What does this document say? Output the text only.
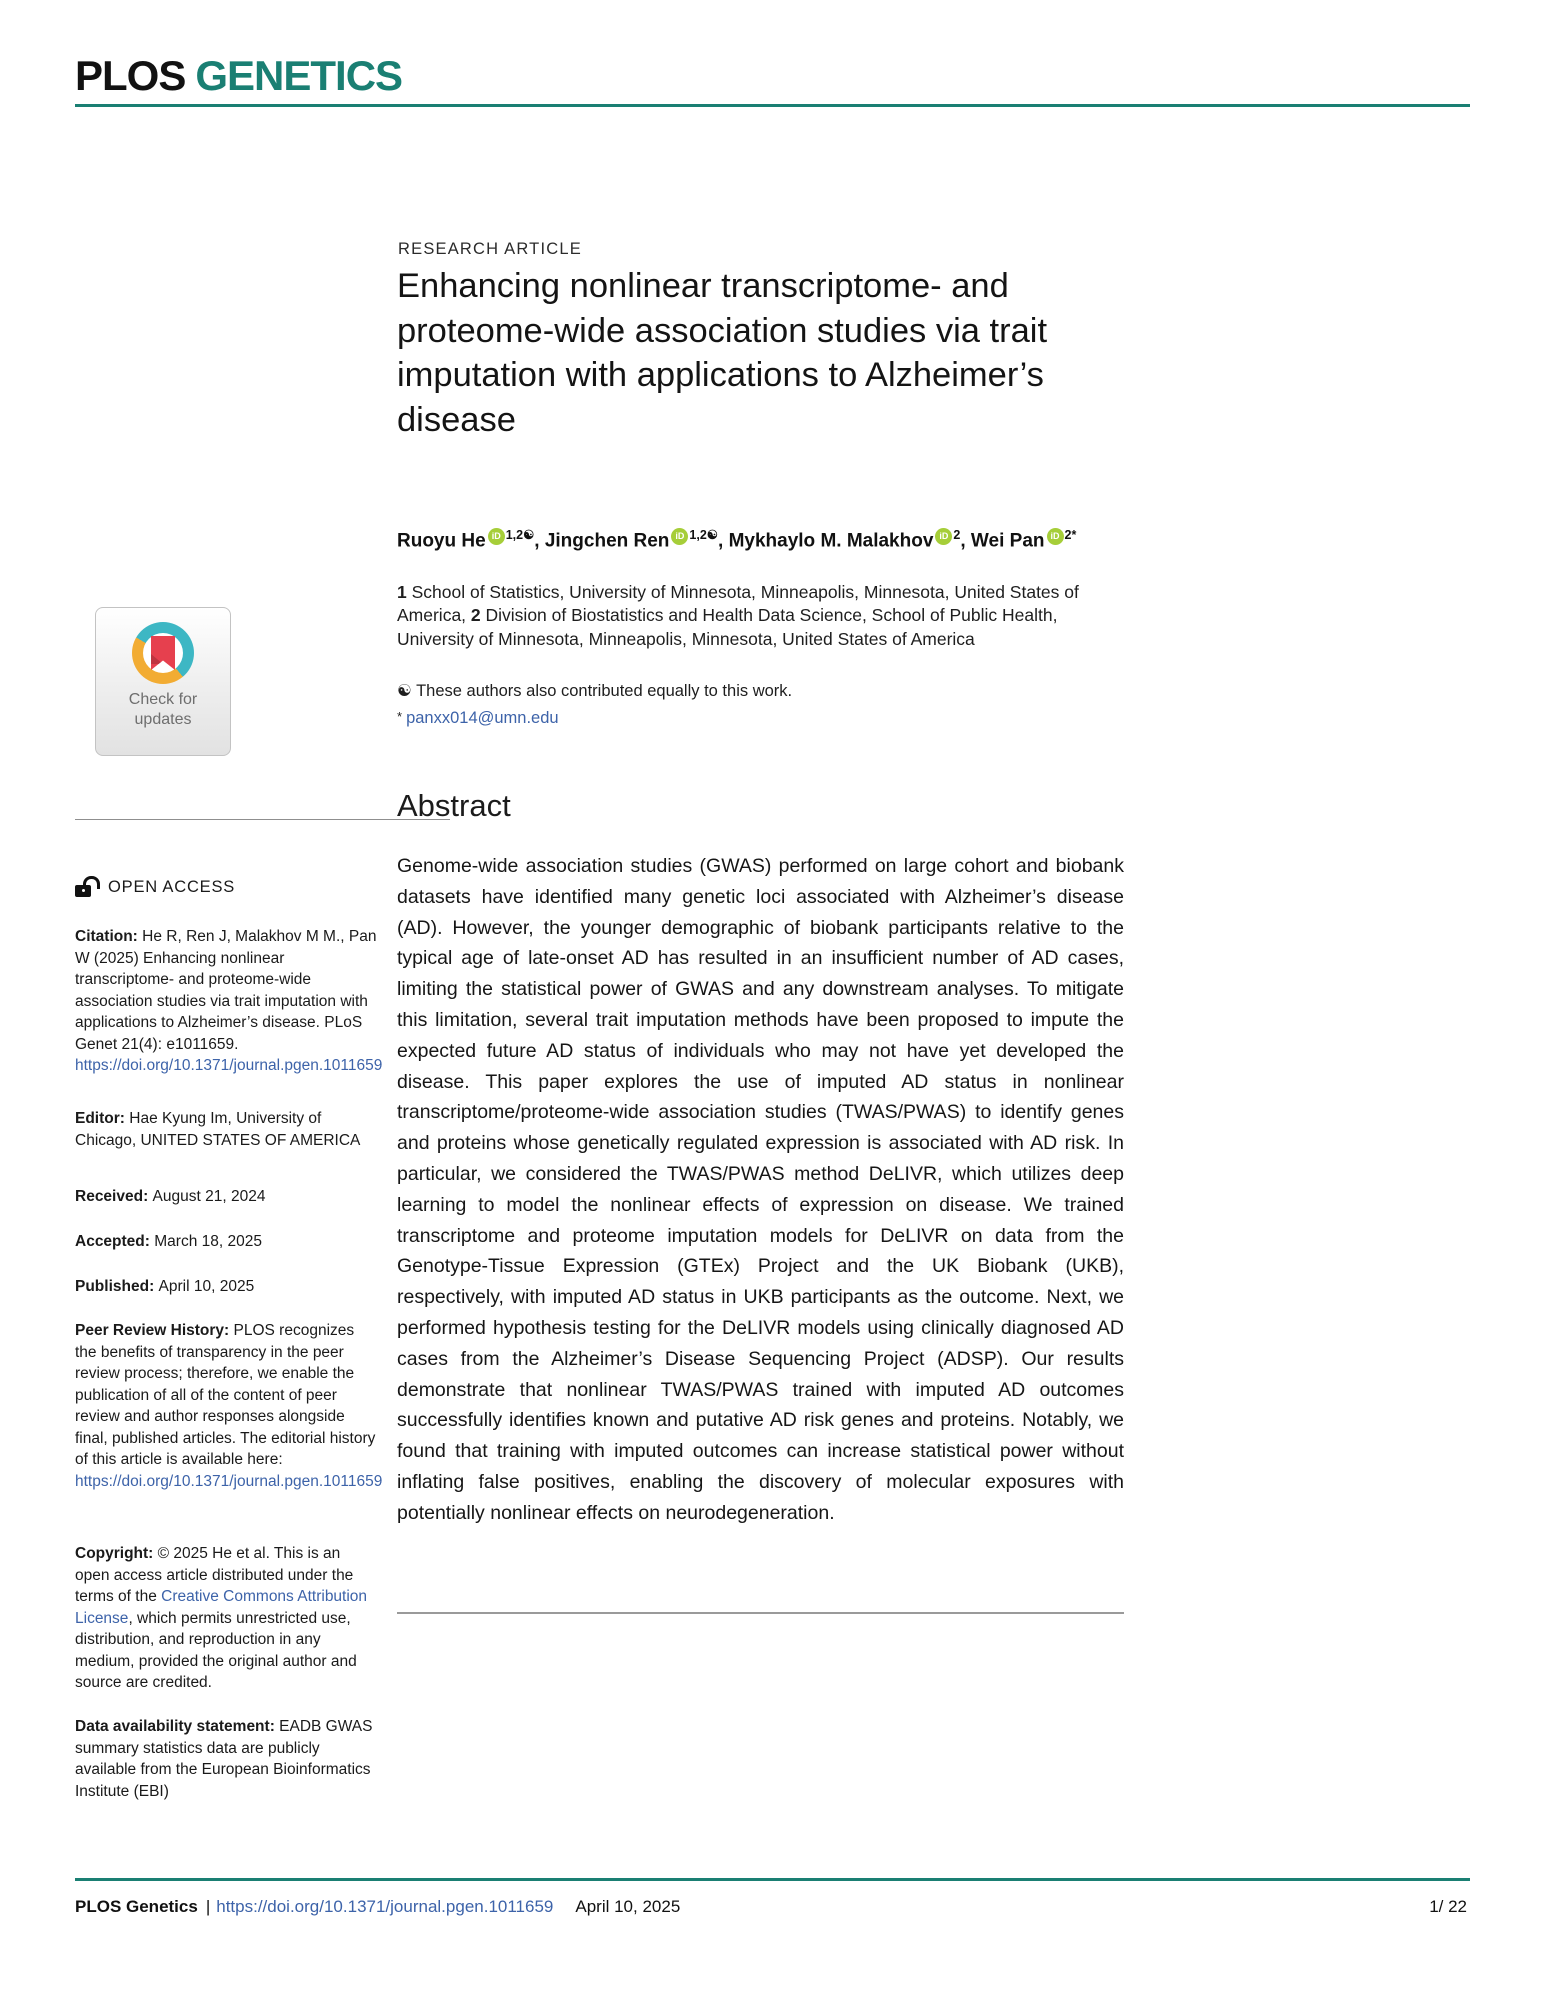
PLOS GENETICS
Check for
updates
RESEARCH ARTICLE
Enhancing nonlinear transcriptome- and proteome-wide association studies via trait imputation with applications to Alzheimer’s disease
Ruoyu He iD $^{1,2☯}$, Jingchen Ren iD $^{1,2☯}$, Mykhaylo M. Malakhov iD $^2$, Wei Pan iD $^{2*}$
1 School of Statistics, University of Minnesota, Minneapolis, Minnesota, United States of America, 2 Division of Biostatistics and Health Data Science, School of Public Health, University of Minnesota, Minneapolis, Minnesota, United States of America
☯ These authors also contributed equally to this work.
* panxx014@umn.edu
Abstract

Genome-wide association studies (GWAS) performed on large cohort and biobank datasets have identified many genetic loci associated with Alzheimer’s disease (AD). However, the younger demographic of biobank participants relative to the typical age of late-onset AD has resulted in an insufficient number of AD cases, limiting the statistical power of GWAS and any downstream analyses. To mitigate this limitation, several trait imputation methods have been proposed to impute the expected future AD status of individuals who may not have yet developed the disease. This paper explores the use of imputed AD status in nonlinear transcriptome/proteome-wide association studies (TWAS/PWAS) to identify genes and proteins whose genetically regulated expression is associated with AD risk. In particular, we considered the TWAS/PWAS method DeLIVR, which utilizes deep learning to model the nonlinear effects of expression on disease. We trained transcriptome and proteome imputation models for DeLIVR on data from the Genotype-Tissue Expression (GTEx) Project and the UK Biobank (UKB), respectively, with imputed AD status in UKB participants as the outcome. Next, we performed hypothesis testing for the DeLIVR models using clinically diagnosed AD cases from the Alzheimer’s Disease Sequencing Project (ADSP). Our results demonstrate that nonlinear TWAS/PWAS trained with imputed AD outcomes successfully identifies known and putative AD risk genes and proteins. Notably, we found that training with imputed outcomes can increase statistical power without inflating false positives, enabling the discovery of molecular exposures with potentially nonlinear effects on neurodegeneration.

OPEN ACCESS

Citation: He R, Ren J, Malakhov M M., Pan W (2025) Enhancing nonlinear transcriptome- and proteome-wide association studies via trait imputation with applications to Alzheimer’s disease. PLoS Genet 21(4): e1011659. https://doi.org/10.1371/journal.pgen.1011659

Editor: Hae Kyung Im, University of Chicago, UNITED STATES OF AMERICA

Received: August 21, 2024

Accepted: March 18, 2025

Published: April 10, 2025

Peer Review History: PLOS recognizes the benefits of transparency in the peer review process; therefore, we enable the publication of all of the content of peer review and author responses alongside final, published articles. The editorial history of this article is available here: https://doi.org/10.1371/journal.pgen.1011659

Copyright: © 2025 He et al. This is an open access article distributed under the terms of the Creative Commons Attribution License, which permits unrestricted use, distribution, and reproduction in any medium, provided the original author and source are credited.

Data availability statement: EADB GWAS summary statistics data are publicly available from the European Bioinformatics Institute (EBI)

PLOS Genetics | https://doi.org/10.1371/journal.pgen.1011659 April 10, 2025	1/ 22
